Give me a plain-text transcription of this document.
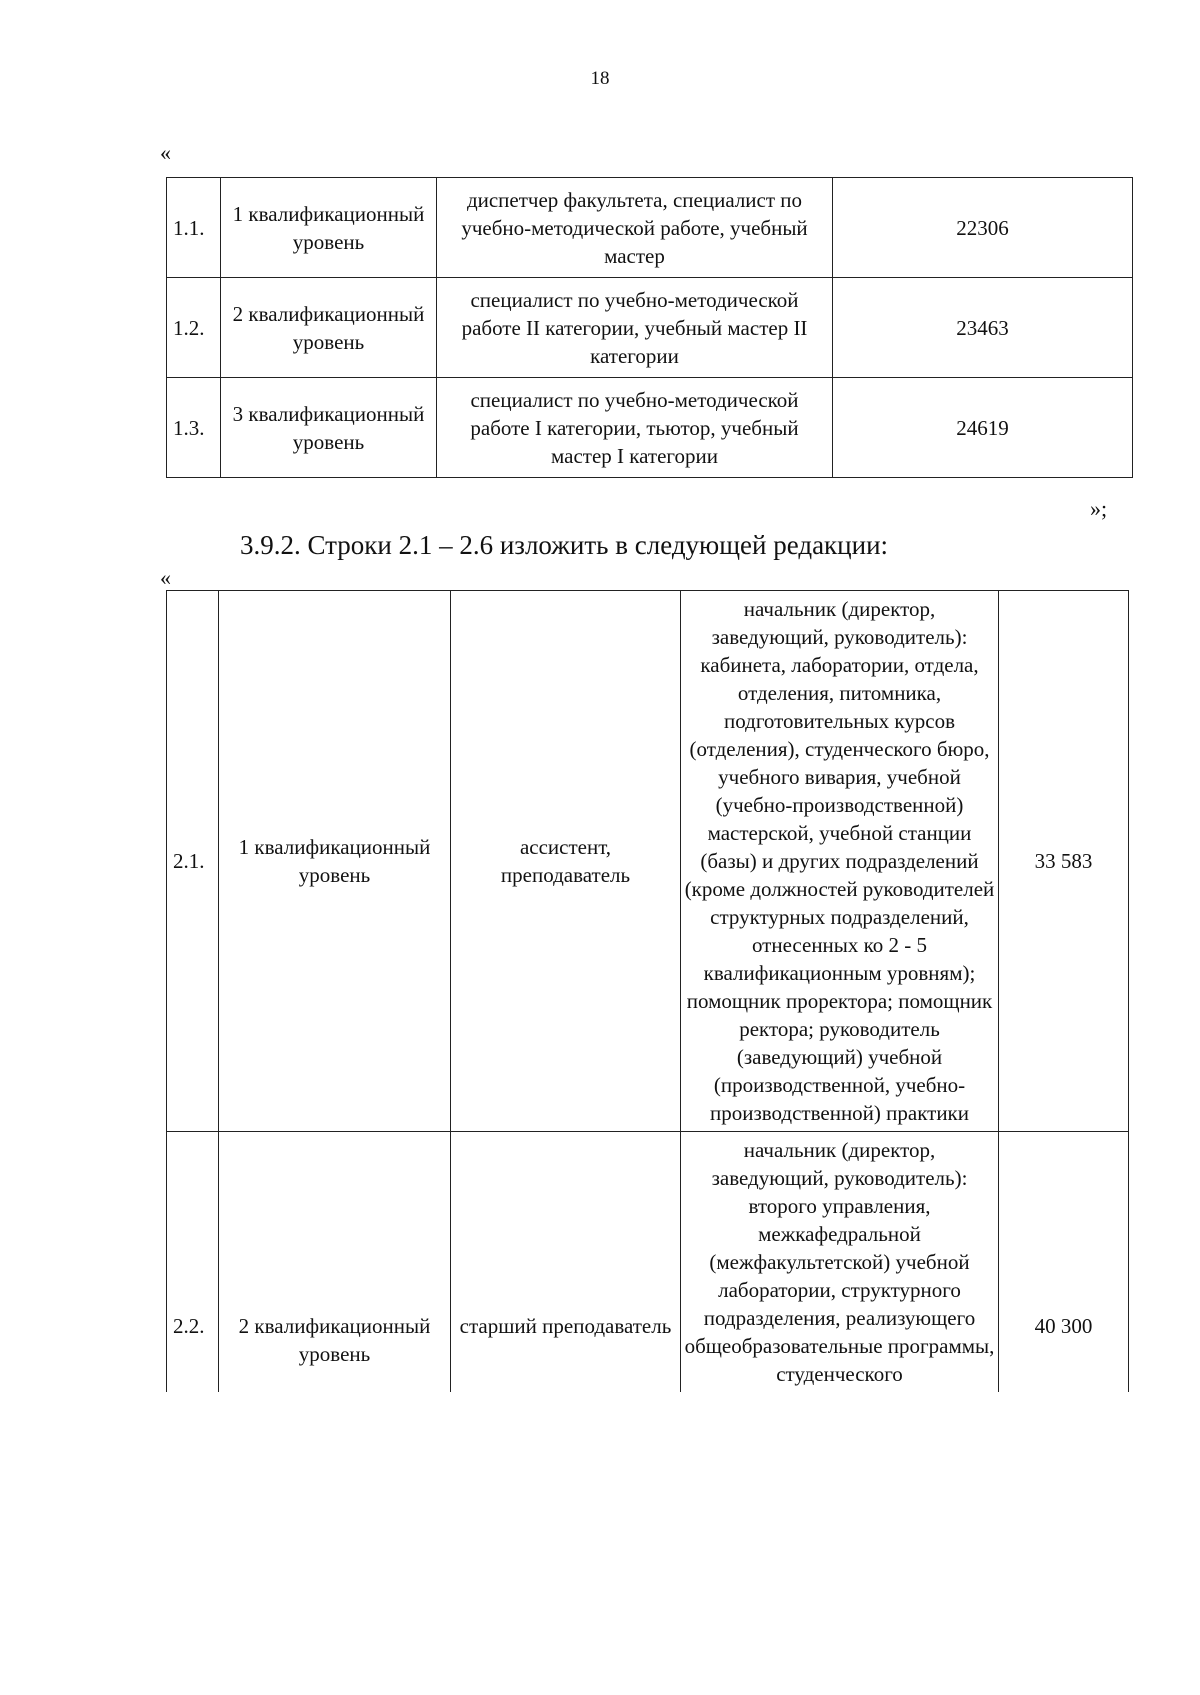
18
«
1.1.	1 квалификационный уровень	диспетчер факультета, специалист по учебно-методической работе, учебный мастер	22306
1.2.	2 квалификационный уровень	специалист по учебно-методической работе II категории, учебный мастер II категории	23463
1.3.	3 квалификационный уровень	специалист по учебно-методической работе I категории, тьютор, учебный мастер I категории	24619
»;
3.9.2. Строки 2.1 – 2.6 изложить в следующей редакции:
«
2.1.	1 квалификационный уровень	ассистент, преподаватель	начальник (директор, заведующий, руководитель): кабинета, лаборатории, отдела, отделения, питомника, подготовительных курсов (отделения), студенческого бюро, учебного вивария, учебной (учебно-производственной) мастерской, учебной станции (базы) и других подразделений (кроме должностей руководителей структурных подразделений, отнесенных ко 2 - 5 квалификационным уровням); помощник проректора; помощник ректора; руководитель (заведующий) учебной (производственной, учебно-производственной) практики	33 583
2.2.	2 квалификационный уровень	старший преподаватель	начальник (директор, заведующий, руководитель): второго управления, межкафедральной (межфакультетской) учебной лаборатории, структурного подразделения, реализующего общеобразовательные программы, студенческого	40 300
